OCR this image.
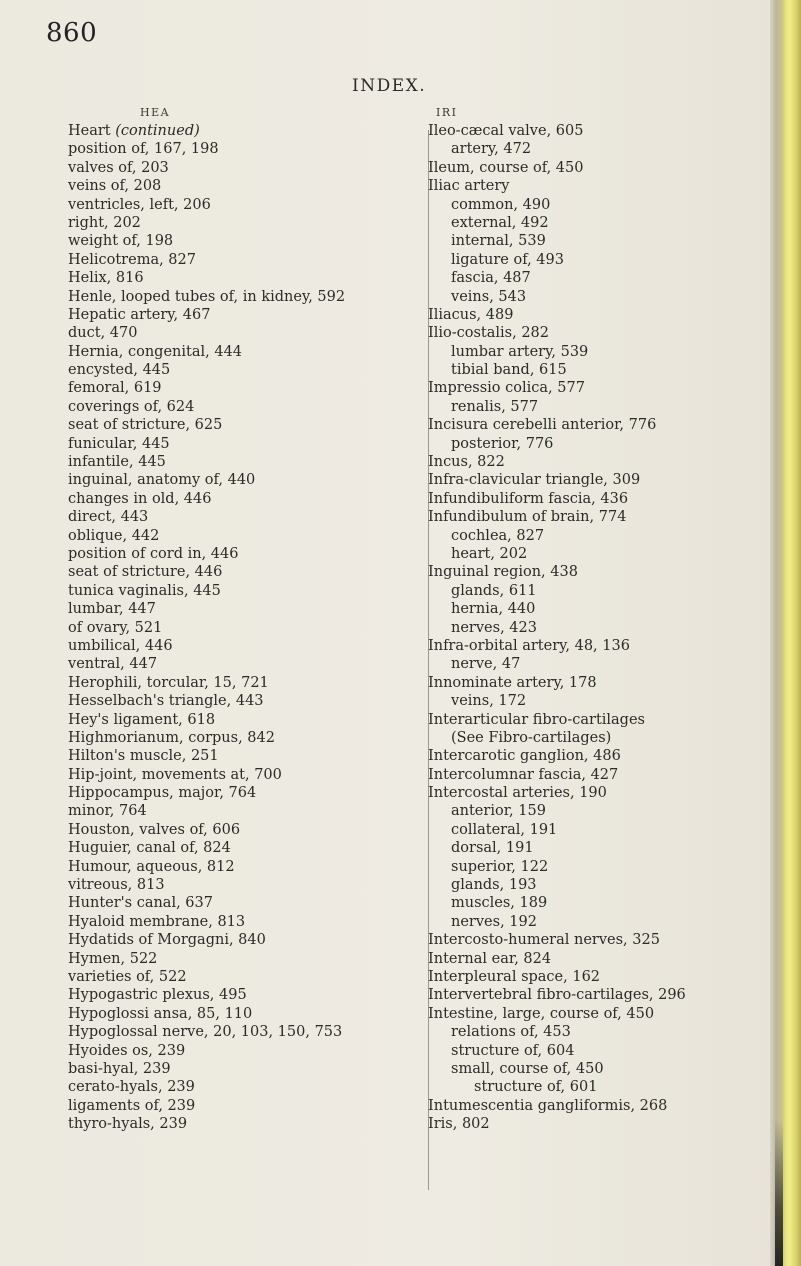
860
INDEX.
HEA
Heart (continued)
position of, 167, 198
valves of, 203
veins of, 208
ventricles, left, 206
right, 202
weight of, 198
Helicotrema, 827
Helix, 816
Henle, looped tubes of, in kidney, 592
Hepatic artery, 467
duct, 470
Hernia, congenital, 444
encysted, 445
femoral, 619
coverings of, 624
seat of stricture, 625
funicular, 445
infantile, 445
inguinal, anatomy of, 440
changes in old, 446
direct, 443
oblique, 442
position of cord in, 446
seat of stricture, 446
tunica vaginalis, 445
lumbar, 447
of ovary, 521
umbilical, 446
ventral, 447
Herophili, torcular, 15, 721
Hesselbach's triangle, 443
Hey's ligament, 618
Highmorianum, corpus, 842
Hilton's muscle, 251
Hip-joint, movements at, 700
Hippocampus, major, 764
minor, 764
Houston, valves of, 606
Huguier, canal of, 824
Humour, aqueous, 812
vitreous, 813
Hunter's canal, 637
Hyaloid membrane, 813
Hydatids of Morgagni, 840
Hymen, 522
varieties of, 522
Hypogastric plexus, 495
Hypoglossi ansa, 85, 110
Hypoglossal nerve, 20, 103, 150, 753
Hyoides os, 239
basi-hyal, 239
cerato-hyals, 239
ligaments of, 239
thyro-hyals, 239
IRI
Ileo-cæcal valve, 605
artery, 472
Ileum, course of, 450
Iliac artery
common, 490
external, 492
internal, 539
ligature of, 493
fascia, 487
veins, 543
Iliacus, 489
Ilio-costalis, 282
lumbar artery, 539
tibial band, 615
Impressio colica, 577
renalis, 577
Incisura cerebelli anterior, 776
posterior, 776
Incus, 822
Infra-clavicular triangle, 309
Infundibuliform fascia, 436
Infundibulum of brain, 774
cochlea, 827
heart, 202
Inguinal region, 438
glands, 611
hernia, 440
nerves, 423
Infra-orbital artery, 48, 136
nerve, 47
Innominate artery, 178
veins, 172
Interarticular fibro-cartilages
(See Fibro-cartilages)
Intercarotic ganglion, 486
Intercolumnar fascia, 427
Intercostal arteries, 190
anterior, 159
collateral, 191
dorsal, 191
superior, 122
glands, 193
muscles, 189
nerves, 192
Intercosto-humeral nerves, 325
Internal ear, 824
Interpleural space, 162
Intervertebral fibro-cartilages, 296
Intestine, large, course of, 450
relations of, 453
structure of, 604
small, course of, 450
structure of, 601
Intumescentia gangliformis, 268
Iris, 802
